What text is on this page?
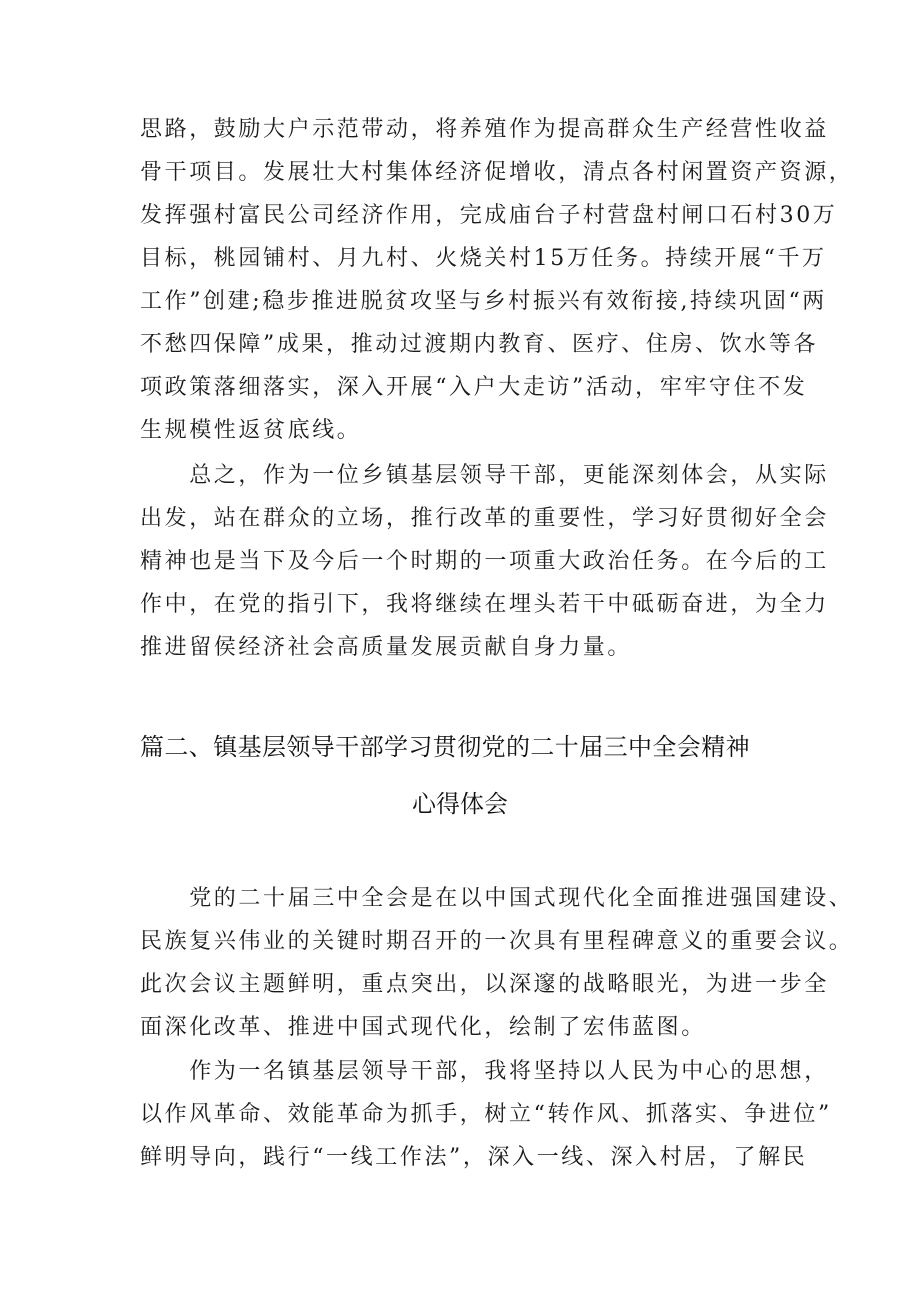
思路，鼓励大户示范带动，将养殖作为提高群众生产经营性收益
骨干项目。发展壮大村集体经济促增收，清点各村闲置资产资源，
发挥强村富民公司经济作用，完成庙台子村营盘村闸口石村30万
目标，桃园铺村、月九村、火烧关村15万任务。持续开展“千万
工作”创建;稳步推进脱贫攻坚与乡村振兴有效衔接,持续巩固“两
不愁四保障”成果，推动过渡期内教育、医疗、住房、饮水等各
项政策落细落实，深入开展“入户大走访”活动，牢牢守住不发
生规模性返贫底线。
　　总之，作为一位乡镇基层领导干部，更能深刻体会，从实际
出发，站在群众的立场，推行改革的重要性，学习好贯彻好全会
精神也是当下及今后一个时期的一项重大政治任务。在今后的工
作中，在党的指引下，我将继续在埋头若干中砥砺奋进，为全力
推进留侯经济社会高质量发展贡献自身力量。
篇二、镇基层领导干部学习贯彻党的二十届三中全会精神
心得体会
　　党的二十届三中全会是在以中国式现代化全面推进强国建设、
民族复兴伟业的关键时期召开的一次具有里程碑意义的重要会议。
此次会议主题鲜明，重点突出，以深邃的战略眼光，为进一步全
面深化改革、推进中国式现代化，绘制了宏伟蓝图。
　　作为一名镇基层领导干部，我将坚持以人民为中心的思想，
以作风革命、效能革命为抓手，树立“转作风、抓落实、争进位”
鲜明导向，践行“一线工作法”，深入一线、深入村居，了解民
